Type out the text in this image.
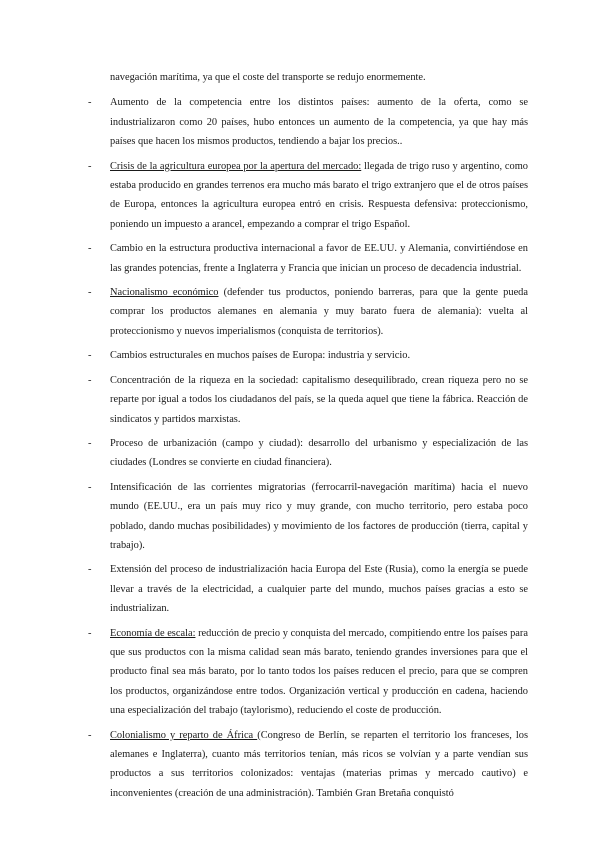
navegación marítima, ya que el coste del transporte se redujo enormemente.

- Aumento de la competencia entre los distintos países: aumento de la oferta, como se industrializaron como 20 países, hubo entonces un aumento de la competencia, ya que hay más países que hacen los mismos productos, tendiendo a bajar los precios..
- Crisis de la agricultura europea por la apertura del mercado: llegada de trigo ruso y argentino, como estaba producido en grandes terrenos era mucho más barato el trigo extranjero que el de otros países de Europa, entonces la agricultura europea entró en crisis. Respuesta defensiva: proteccionismo, poniendo un impuesto a arancel, empezando a comprar el trigo Español.
- Cambio en la estructura productiva internacional a favor de EE.UU. y Alemania, convirtiéndose en las grandes potencias, frente a Inglaterra y Francia que inician un proceso de decadencia industrial.
- Nacionalismo económico (defender tus productos, poniendo barreras, para que la gente pueda comprar los productos alemanes en alemania y muy barato fuera de alemania): vuelta al proteccionismo y nuevos imperialismos (conquista de territorios).
- Cambios estructurales en muchos países de Europa: industria y servicio.
- Concentración de la riqueza en la sociedad: capitalismo desequilibrado, crean riqueza pero no se reparte por igual a todos los ciudadanos del país, se la queda aquel que tiene la fábrica. Reacción de sindicatos y partidos marxistas.
- Proceso de urbanización (campo y ciudad): desarrollo del urbanismo y especialización de las ciudades (Londres se convierte en ciudad financiera).
- Intensificación de las corrientes migratorias (ferrocarril-navegación marítima) hacia el nuevo mundo (EE.UU., era un país muy rico y muy grande, con mucho territorio, pero estaba poco poblado, dando muchas posibilidades) y movimiento de los factores de producción (tierra, capital y trabajo).
- Extensión del proceso de industrialización hacia Europa del Este (Rusia), como la energía se puede llevar a través de la electricidad, a cualquier parte del mundo, muchos países gracias a esto se industrializan.
- Economía de escala: reducción de precio y conquista del mercado, compitiendo entre los países para que sus productos con la misma calidad sean más barato, teniendo grandes inversiones para que el producto final sea más barato, por lo tanto todos los países reducen el precio, para que se compren los productos, organizándose entre todos. Organización vertical y producción en cadena, haciendo una especialización del trabajo (taylorismo), reduciendo el coste de producción.
- Colonialismo y reparto de África (Congreso de Berlín, se reparten el territorio los franceses, los alemanes e Inglaterra), cuanto más territorios tenían, más ricos se volvían y a parte vendían sus productos a sus territorios colonizados: ventajas (materias primas y mercado cautivo) e inconvenientes (creación de una administración). También Gran Bretaña conquistó
